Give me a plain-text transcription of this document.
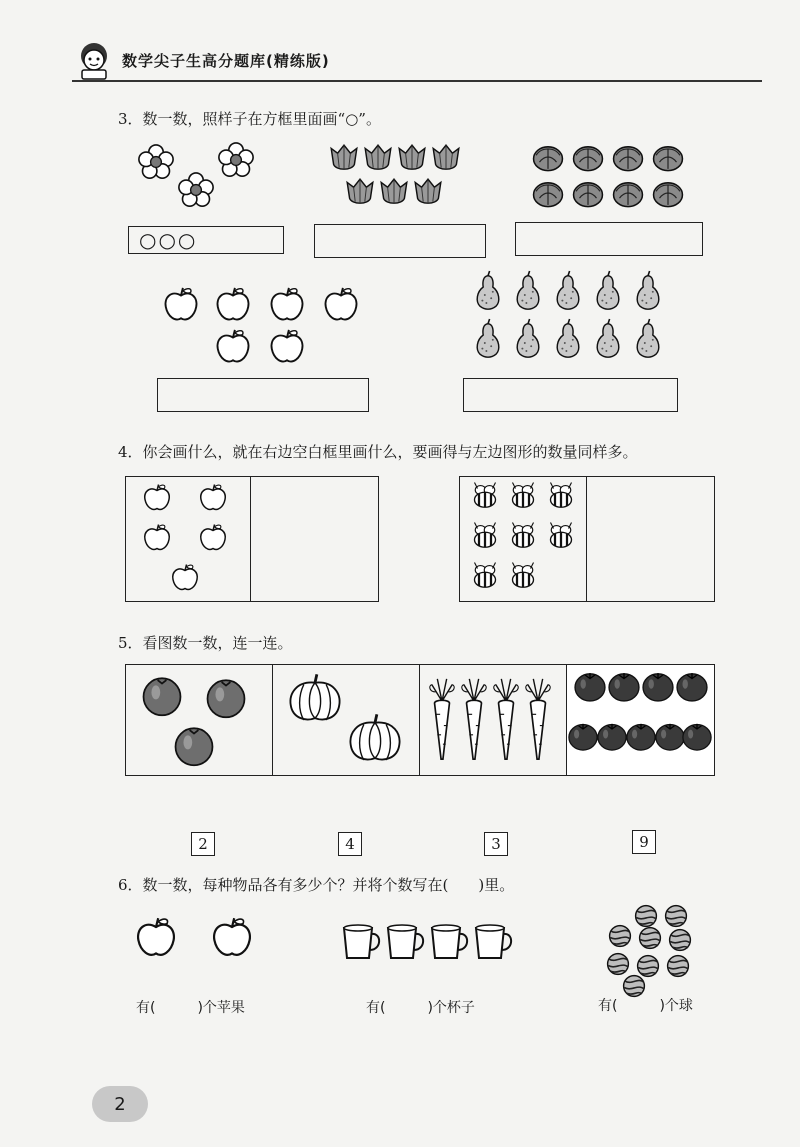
数学尖子生高分题库(精练版)
3．数一数，照样子在方框里面画“○”。
○○○
4．你会画什么，就在右边空白框里画什么，要画得与左边图形的数量同样多。
5．看图数一数，连一连。
2	4	3	9
6．数一数，每种物品各有多少个？并将个数写在(　　)里。
有(　　　)个苹果	有(　　　)个杯子	有(　　　)个球
2
